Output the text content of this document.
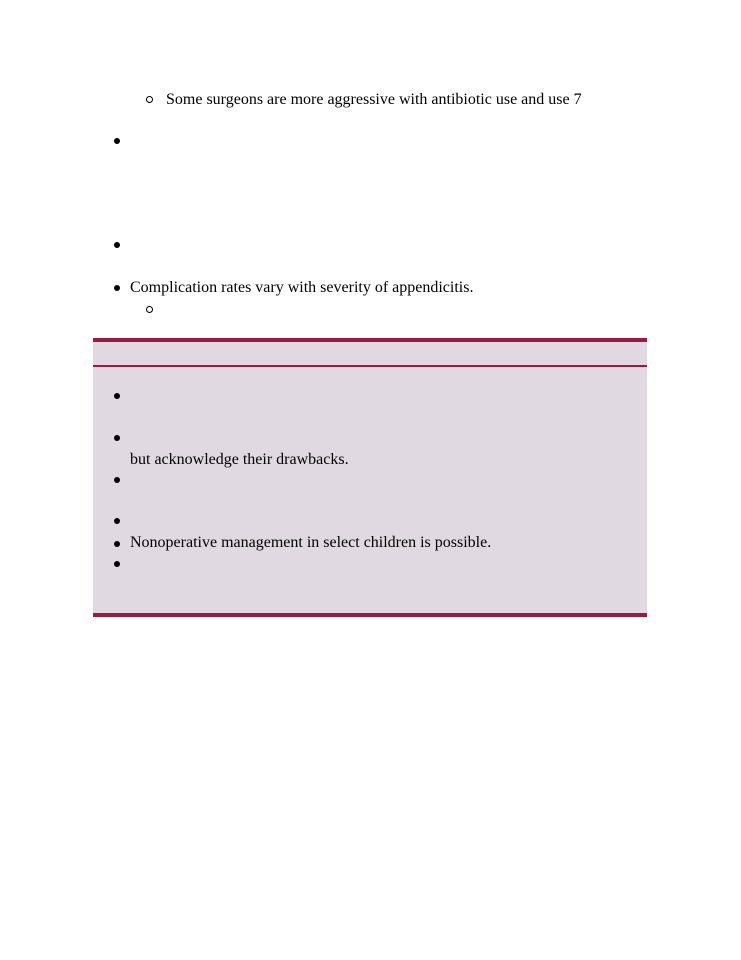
Some surgeons are more aggressive with antibiotic use and use 7
Complication rates vary with severity of appendicitis.
but acknowledge their drawbacks.
Nonoperative management in select children is possible.
